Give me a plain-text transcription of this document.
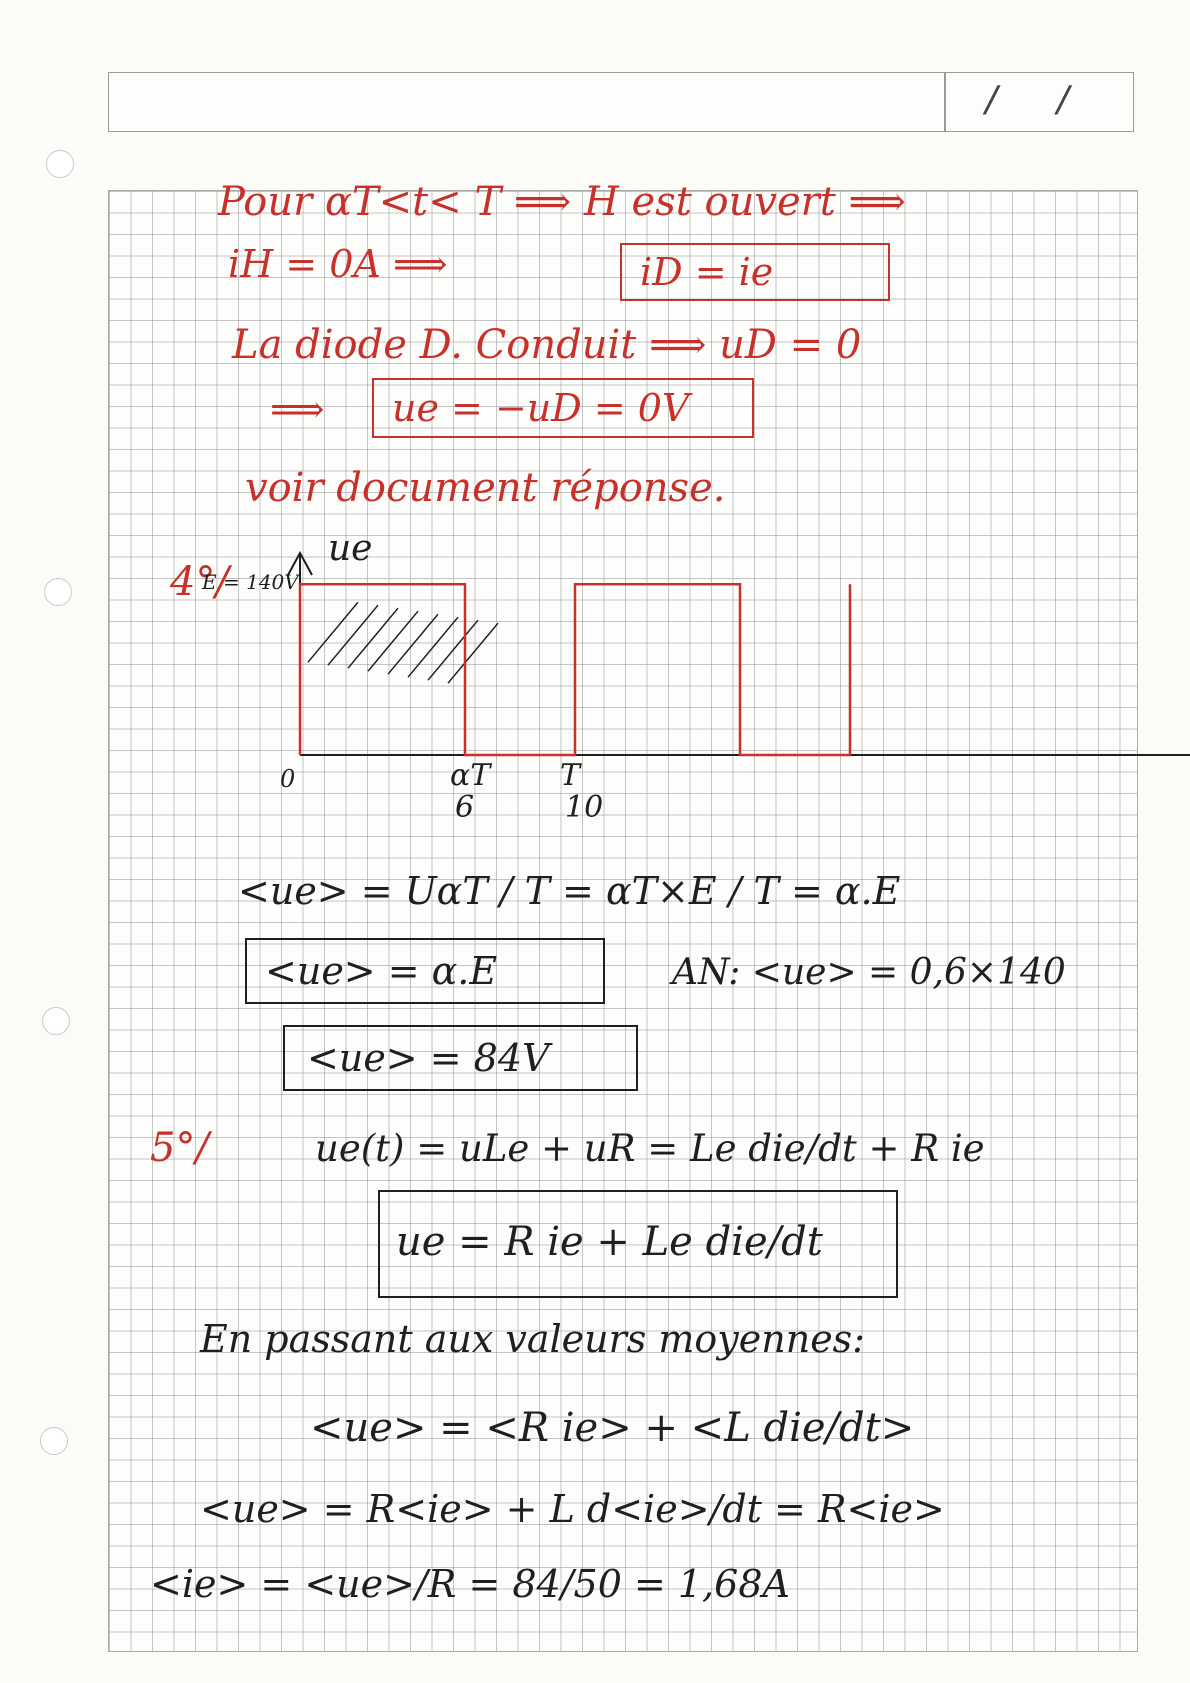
/ /
Pour αT<t< T ⟹ H est ouvert ⟹
iH = 0A ⟹	iD = ie
La diode D. Conduit ⟹ uD = 0
⟹ ue = −uD = 0V
voir document réponse.
4°/
ue
E = 140V
0	αT
6
T
10
<ue> = UαT / T = αT×E / T = α.E
<ue> = α.E	AN: <ue> = 0,6×140
<ue> = 84V
5°/	ue(t) = uLe + uR = Le die/dt + R ie
ue = R ie + Le die/dt
En passant aux valeurs moyennes:
<ue> = <R ie> + <L die/dt>
<ue> = R<ie> + L d<ie>/dt = R<ie>
<ie> = <ue>/R = 84/50 = 1,68A
